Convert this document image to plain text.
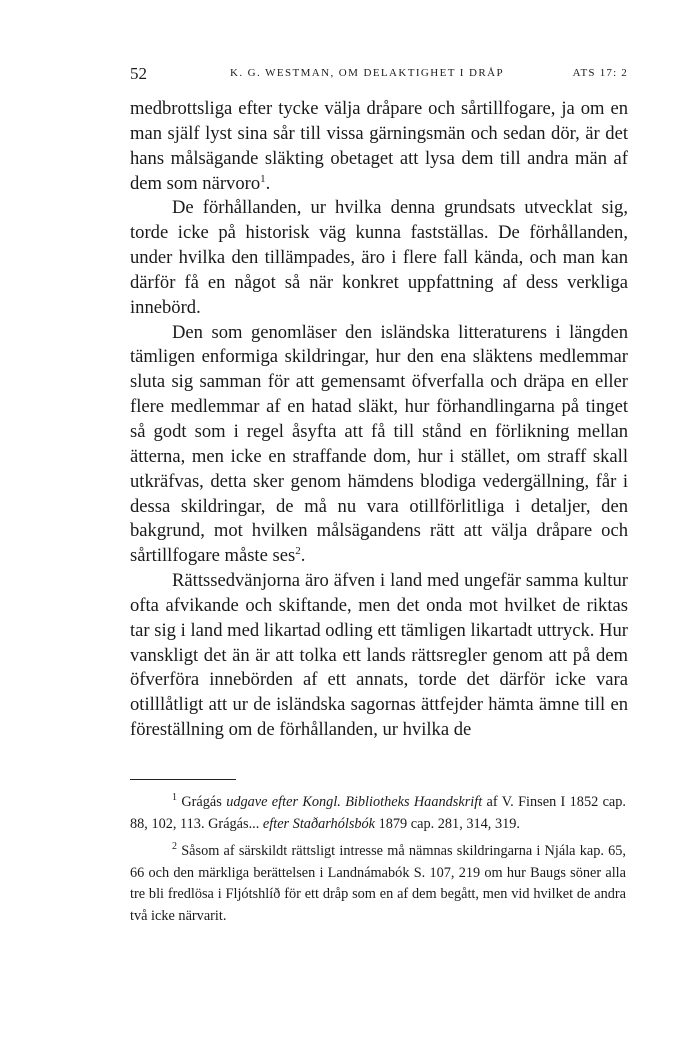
52	K. G. WESTMAN, OM DELAKTIGHET I DRÅP	ATS 17: 2

medbrottsliga efter tycke välja dråpare och sårtillfogare, ja om en man själf lyst sina sår till vissa gärningsmän och sedan dör, är det hans målsägande släkting obetaget att lysa dem till andra män af dem som närvoro$^1$.

De förhållanden, ur hvilka denna grundsats utvecklat sig, torde icke på historisk väg kunna fastställas. De förhållanden, under hvilka den tillämpades, äro i flere fall kända, och man kan därför få en något så när konkret uppfattning af dess verkliga innebörd.

Den som genomläser den isländska litteraturens i längden tämligen enformiga skildringar, hur den ena släktens medlemmar sluta sig samman för att gemensamt öfverfalla och dräpa en eller flere medlemmar af en hatad släkt, hur förhandlingarna på tinget så godt som i regel åsyfta att få till stånd en förlikning mellan ätterna, men icke en straffande dom, hur i stället, om straff skall utkräfvas, detta sker genom hämdens blodiga vedergällning, får i dessa skildringar, de må nu vara otillförlitliga i detaljer, den bakgrund, mot hvilken målsägandens rätt att välja dråpare och sårtillfogare måste ses$^2$.

Rättssedvänjorna äro äfven i land med ungefär samma kultur ofta afvikande och skiftande, men det onda mot hvilket de riktas tar sig i land med likartad odling ett tämligen likartadt uttryck. Hur vanskligt det än är att tolka ett lands rättsregler genom att på dem öfverföra innebörden af ett annats, torde det därför icke vara otilllåtligt att ur de isländska sagornas ättfejder hämta ämne till en föreställning om de förhållanden, ur hvilka de

$^1$ Grágás udgave efter Kongl. Bibliotheks Haandskrift af V. Finsen I 1852 cap. 88, 102, 113. Grágás... efter Staðarhólsbók 1879 cap. 281, 314, 319.

$^2$ Såsom af särskildt rättsligt intresse må nämnas skildringarna i Njála kap. 65, 66 och den märkliga berättelsen i Landnámabók S. 107, 219 om hur Baugs söner alla tre bli fredlösa i Fljótshlíð för ett dråp som en af dem begått, men vid hvilket de andra två icke närvarit.
